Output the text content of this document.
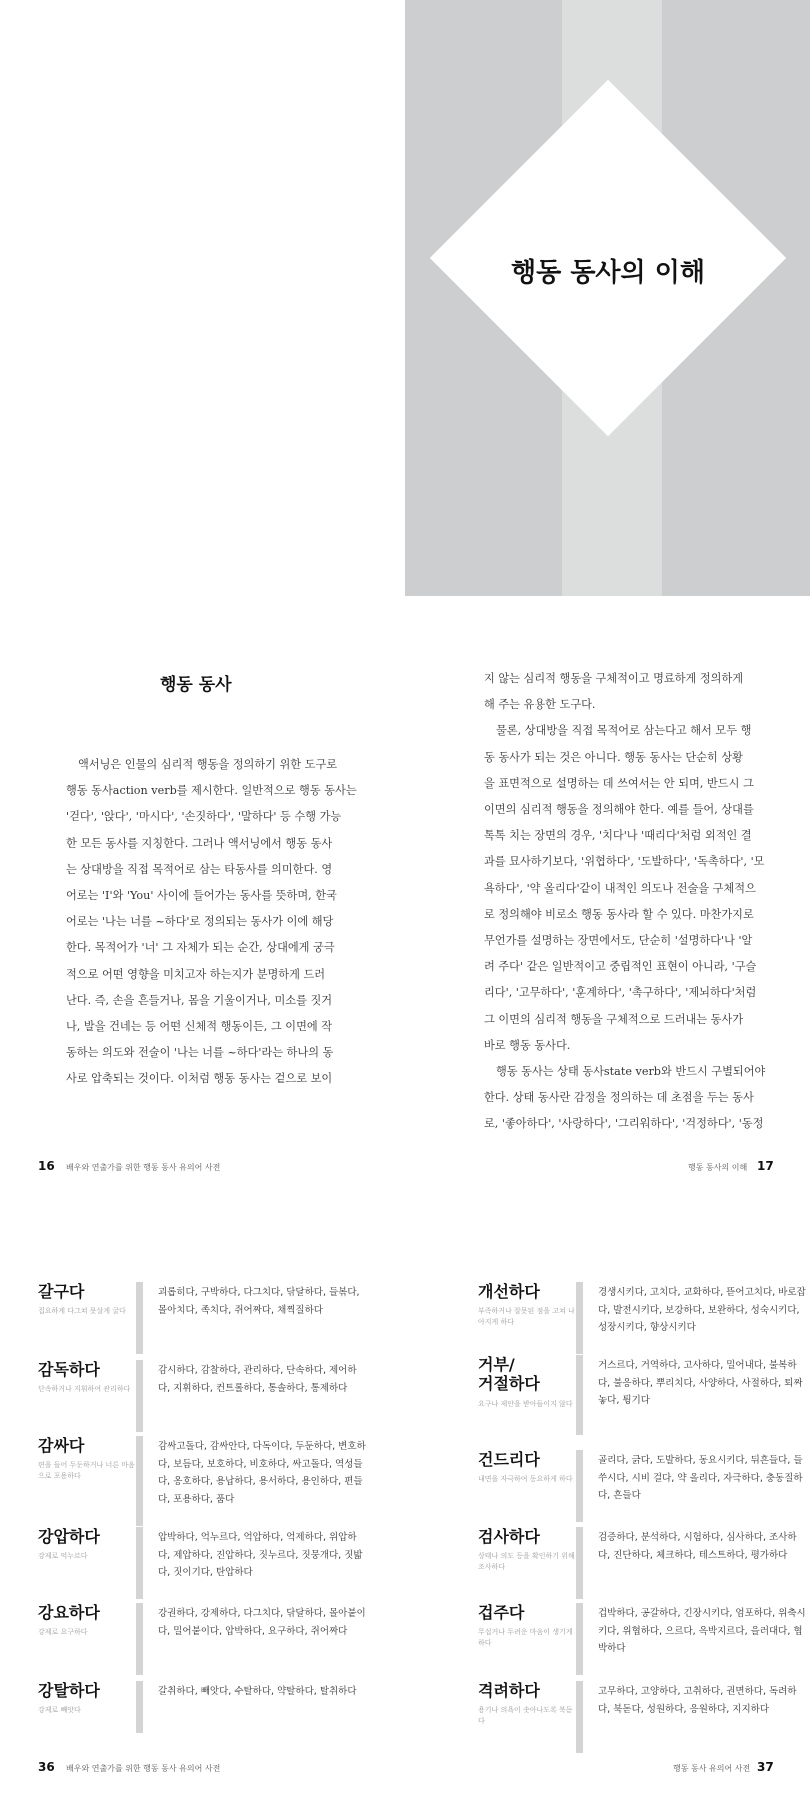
행동 동사의 이해
행동 동사
액서닝은 인물의 심리적 행동을 정의하기 위한 도구로
행동 동사action verb를 제시한다. 일반적으로 행동 동사는
'걷다', '앉다', '마시다', '손짓하다', '말하다' 등 수행 가능
한 모든 동사를 지칭한다. 그러나 액서닝에서 행동 동사
는 상대방을 직접 목적어로 삼는 타동사를 의미한다. 영
어로는 'I'와 'You' 사이에 들어가는 동사를 뜻하며, 한국
어로는 '나는 너를 ~하다'로 정의되는 동사가 이에 해당
한다. 목적어가 '너' 그 자체가 되는 순간, 상대에게 궁극
적으로 어떤 영향을 미치고자 하는지가 분명하게 드러
난다. 즉, 손을 흔들거나, 몸을 기울이거나, 미소를 짓거
나, 발을 건네는 등 어떤 신체적 행동이든, 그 이면에 작
동하는 의도와 전술이 '나는 너를 ~하다'라는 하나의 동
사로 압축되는 것이다. 이처럼 행동 동사는 겉으로 보이
지 않는 심리적 행동을 구체적이고 명료하게 정의하게
해 주는 유용한 도구다.
물론, 상대방을 직접 목적어로 삼는다고 해서 모두 행
동 동사가 되는 것은 아니다. 행동 동사는 단순히 상황
을 표면적으로 설명하는 데 쓰여서는 안 되며, 반드시 그
이면의 심리적 행동을 정의해야 한다. 예를 들어, 상대를
톡톡 치는 장면의 경우, '치다'나 '때리다'처럼 외적인 결
과를 묘사하기보다, '위협하다', '도발하다', '독촉하다', '모
욕하다', '약 올리다'같이 내적인 의도나 전술을 구체적으
로 정의해야 비로소 행동 동사라 할 수 있다. 마찬가지로
무언가를 설명하는 장면에서도, 단순히 '설명하다'나 '알
려 주다' 같은 일반적이고 중립적인 표현이 아니라, '구슬
리다', '고무하다', '훈계하다', '촉구하다', '제뇌하다'처럼
그 이면의 심리적 행동을 구체적으로 드러내는 동사가
바로 행동 동사다.
행동 동사는 상태 동사state verb와 반드시 구별되어야
한다. 상태 동사란 감정을 정의하는 데 초점을 두는 동사
로, '좋아하다', '사랑하다', '그리워하다', '걱정하다', '동정
16 배우와 연출가를 위한 행동 동사 유의어 사전	행동 동사의 이해 17
갈구다
집요하게 다그쳐 못살게 굴다
괴롭히다, 구박하다, 다그치다, 닦달하다, 들볶다, 몰아치다, 족치다, 쥐어짜다, 채찍질하다
감독하다
단속하거나 지휘하여 관리하다
감시하다, 감찰하다, 관리하다, 단속하다, 제어하다, 지휘하다, 컨트롤하다, 통솔하다, 통제하다
감싸다
편을 들어 두둔하거나 너른 마음으로 포용하다
감싸고돌다, 감싸안다, 다독이다, 두둔하다, 변호하다, 보듬다, 보호하다, 비호하다, 싸고돌다, 역성들다, 옹호하다, 용납하다, 용서하다, 용인하다, 편들다, 포용하다, 품다
강압하다
강제로 억누르다
압박하다, 억누르다, 억압하다, 억제하다, 위압하다, 제압하다, 진압하다, 짓누르다, 짓뭉개다, 짓밟다, 짓이기다, 탄압하다
강요하다
강제로 요구하다
강권하다, 강제하다, 다그치다, 닦달하다, 몰아붙이다, 밀어붙이다, 압박하다, 요구하다, 쥐어짜다
강탈하다
강제로 빼앗다
갈취하다, 빼앗다, 수탈하다, 약탈하다, 탈취하다
개선하다
부족하거나 잘못된 점을 고쳐 나아지게 하다
경생시키다, 고치다, 교화하다, 뜯어고치다, 바로잡다, 발전시키다, 보강하다, 보완하다, 성숙시키다, 성장시키다, 향상시키다
거부/
거절하다
요구나 제안을 받아들이지 않다
거스르다, 거역하다, 고사하다, 밀어내다, 불복하다, 불응하다, 뿌리치다, 사양하다, 사절하다, 퇴짜 놓다, 튕기다
건드리다
내면을 자극하여 동요하게 하다
골리다, 긁다, 도발하다, 동요시키다, 뒤흔들다, 들쑤시다, 시비 걸다, 약 올리다, 자극하다, 충동질하다, 흔들다
검사하다
상태나 의도 등을 확인하기 위해 조사하다
검증하다, 분석하다, 시험하다, 심사하다, 조사하다, 진단하다, 체크하다, 테스트하다, 평가하다
겁주다
무섭거나 두려운 마음이 생기게 하다
겁박하다, 공갈하다, 긴장시키다, 엄포하다, 위축시키다, 위협하다, 으르다, 윽박지르다, 을러대다, 협박하다
격려하다
용기나 의욕이 솟아나도록 북돋다
고무하다, 고양하다, 고취하다, 권면하다, 독려하다, 북돋다, 성원하다, 응원하다, 지지하다
36 배우와 연출가를 위한 행동 동사 유의어 사전	행동 동사 유의어 사전 37
